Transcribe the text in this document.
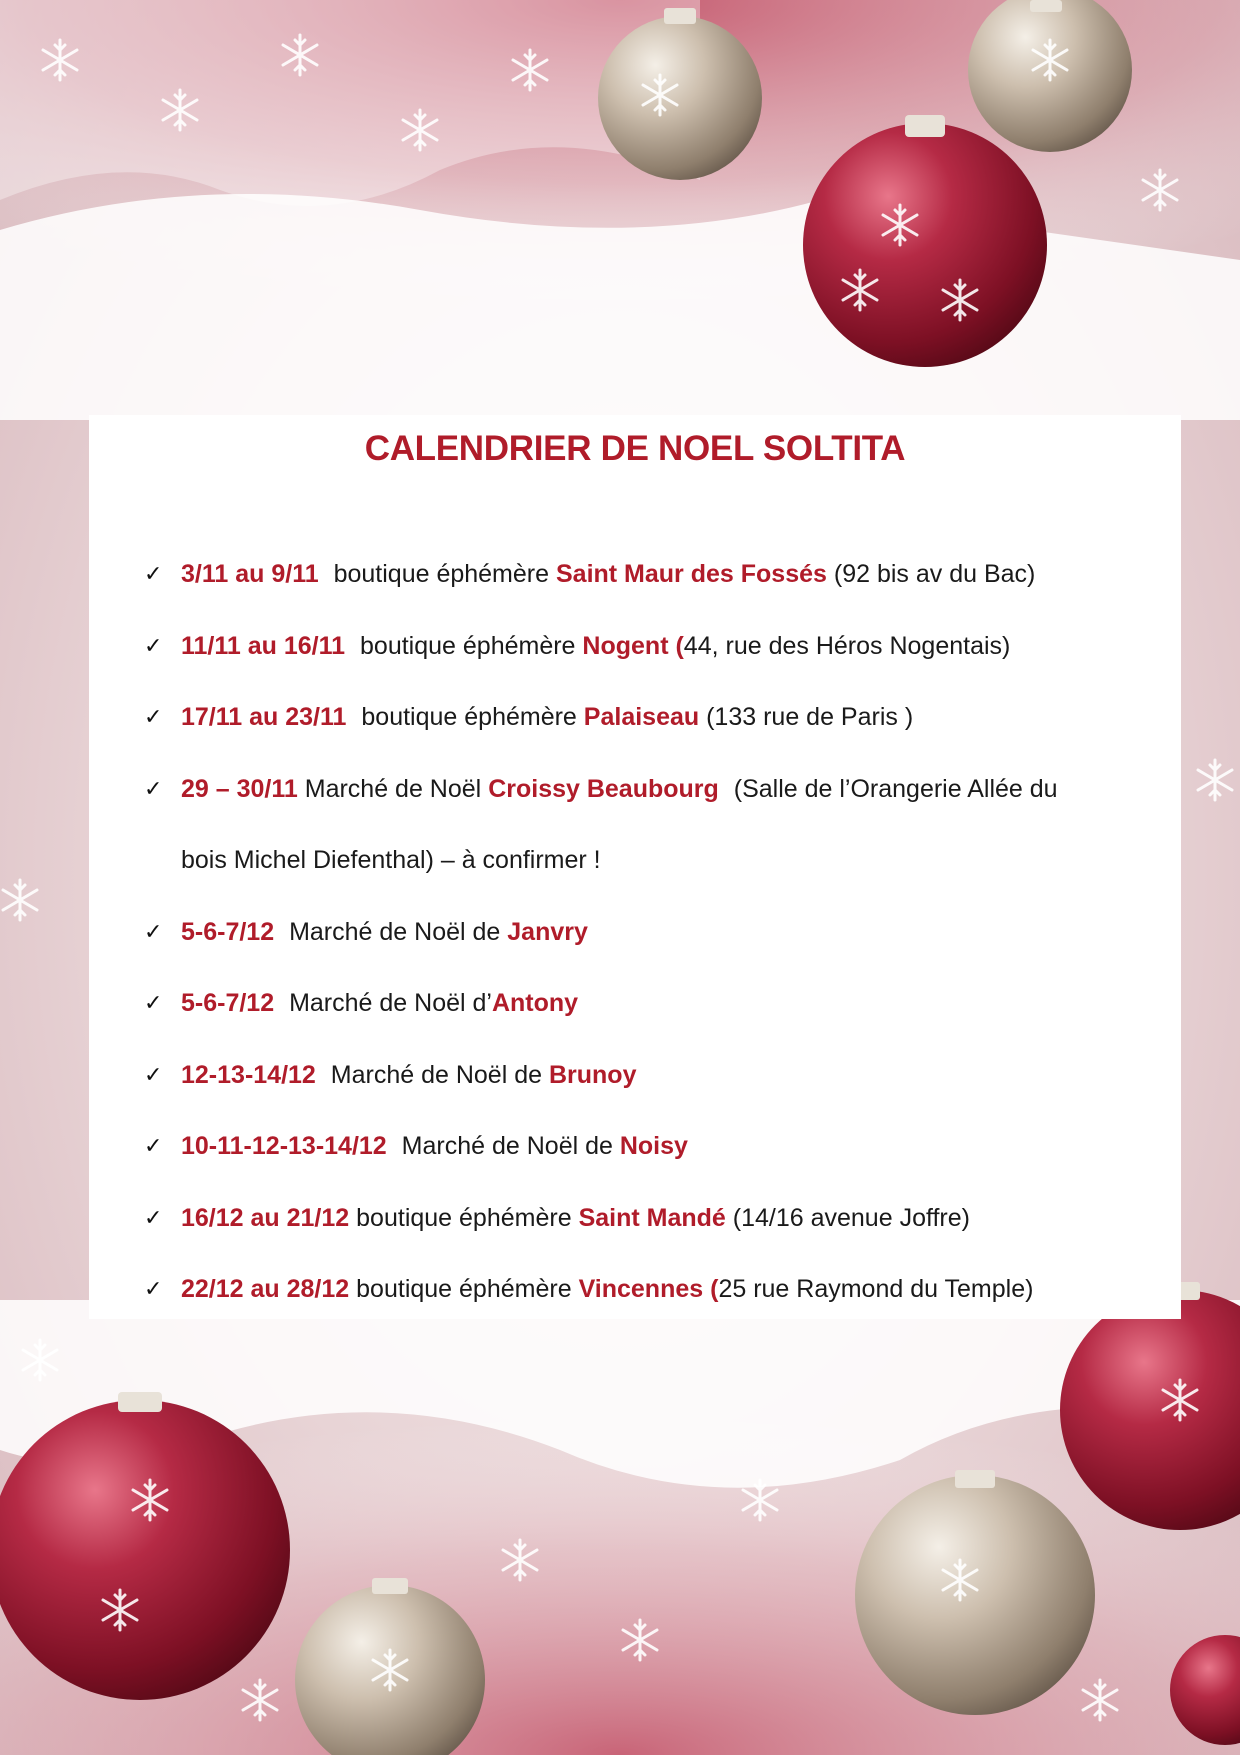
CALENDRIER DE NOEL SOLTITA
✓ 3/11 au 9/11 boutique éphémère Saint Maur des Fossés (92 bis av du Bac)
✓ 11/11 au 16/11 boutique éphémère Nogent (44, rue des Héros Nogentais)
✓ 17/11 au 23/11 boutique éphémère Palaiseau (133 rue de Paris )
✓ 29 – 30/11 Marché de Noël Croissy Beaubourg (Salle de l’Orangerie Allée du
bois Michel Diefenthal) – à confirmer !
✓ 5-6-7/12 Marché de Noël de Janvry
✓ 5-6-7/12 Marché de Noël d’Antony
✓ 12-13-14/12 Marché de Noël de Brunoy
✓ 10-11-12-13-14/12 Marché de Noël de Noisy
✓ 16/12 au 21/12 boutique éphémère Saint Mandé (14/16 avenue Joffre)
✓ 22/12 au 28/12 boutique éphémère Vincennes (25 rue Raymond du Temple)
